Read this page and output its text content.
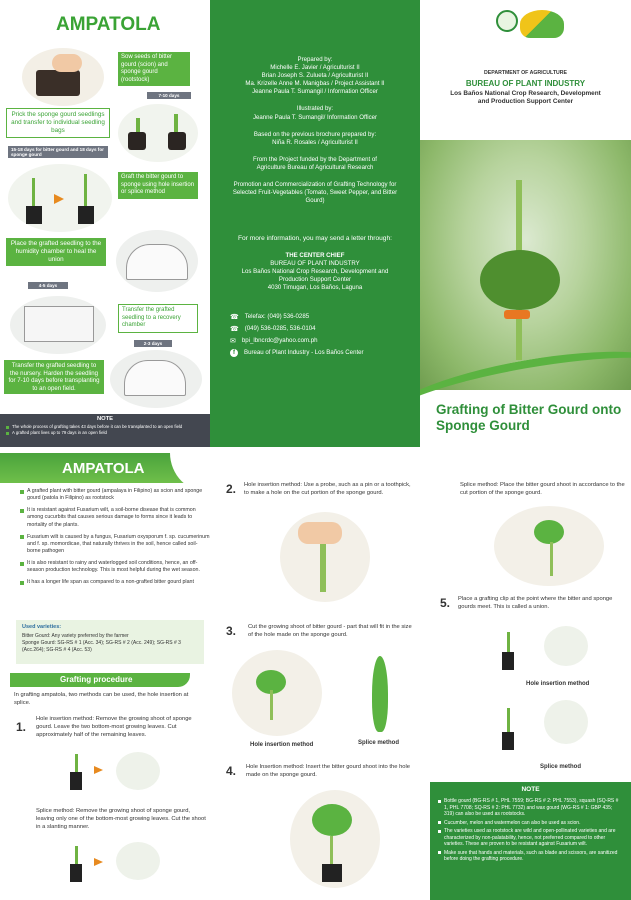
AMPATOLA
Sow seeds of bitter gourd (scion) and sponge gourd (rootstock)
7-10 days
Prick the sponge gourd seedlings and transfer to individual seedling bags
15-18 days for bitter gourd and 18 days for sponge gourd
Graft the bitter gourd to sponge using hole insertion or splice method
Place the grafted seedling to the humidity chamber to heal the union
4-5 days
Transfer the grafted seedling to a recovery chamber
2-3 days
Transfer the grafted seedling to the nursery. Harden the seedling for 7-10 days before transplanting to an open field.
NOTE
The whole process of grafting takes 43 days before it can be transplanted to an open field
A grafted plant lives up to 79 days in an open field
Prepared by:
Michelle E. Javier / Agriculturist II
Brian Joseph S. Zulueta / Agriculturist II
Ma. Krizelle Anne M. Manigbas / Project Assistant II
Jeanne Paula T. Sumangil / Information Officer
Illustrated by:
Jeanne Paula T. Sumangil/ Information Officer
Based on the previous brochure prepared by:
Niña R. Rosales / Agriculturist II
From the Project funded by the Department of Agriculture Bureau of Agricultural Research
Promotion and Commercialization of Grafting Technology for Selected Fruit-Vegetables (Tomato, Sweet Pepper, and Bitter Gourd)
For more information, you may send a letter through:
THE CENTER CHIEF
BUREAU OF PLANT INDUSTRY
Los Baños National Crop Research, Development and Production Support Center
4030 Timugan, Los Baños, Laguna
☎ Telefax: (049) 536-0285
☎ (049) 536-0285, 536-0104
✉ bpi_lbncrdc@yahoo.com.ph
f	Bureau of Plant Industry - Los Baños Center
DEPARTMENT OF AGRICULTURE
BUREAU OF PLANT INDUSTRY
Los Baños National Crop Research, Development and Production Support Center
Grafting of Bitter Gourd onto Sponge Gourd
AMPATOLA
A grafted plant with bitter gourd (ampalaya in Filipino) as scion and sponge gourd (patola in Filipino) as rootstock
It is resistant against Fusarium wilt, a soil-borne disease that is common among cucurbits that causes serious damage to forms since it leads to mortality of the plants.
Fusarium wilt is caused by a fungus, Fusarium oxysporum f. sp. cucumerinum and f. sp. momordicae, that naturally thrives in the soil, hence called soil-borne pathogen
It is also resistant to rainy and waterlogged soil conditions, hence, an off-season production technology. This is most helpful during the wet season.
It has a longer life span as compared to a non-grafted bitter gourd plant
Used varieties:
Bitter Gourd: Any variety preferred by the farmer
Sponge Gourd: SG-RS # 1 (Acc. 34); SG-RS # 2 (Acc. 249); SG-RS # 3 (Acc.264); SG-RS # 4 (Acc. 53)
Grafting procedure
In grafting ampatola, two methods can be used, the hole insertion at splice.
1.
Hole insertion method: Remove the growing shoot of sponge gourd. Leave the two bottom-most growing leaves. Cut approximately half of the remaining leaves.
Splice method: Remove the growing shoot of sponge gourd, leaving only one of the bottom-most growing leaves. Cut the shoot in a slanting manner.
2. Hole insertion method: Use a probe, such as a pin or a toothpick, to make a hole on the cut portion of the sponge gourd.
3. Cut the growing shoot of bitter gourd - part that will fit in the size of the hole made on the sponge gourd.
Hole insertion method	Splice method
4. Hole Insertion method: Insert the bitter gourd shoot into the hole made on the sponge gourd.
Splice method: Place the bitter gourd shoot in accordance to the cut portion of the sponge gourd.
5. Place a grafting clip at the point where the bitter and sponge gourds meet. This is called a union.
Hole insertion method
Splice method
NOTE
Bottle gourd (BG-RS # 1, PHL 7559; BG-RS # 2: PHL 7553), squash (SQ-RS # 1, PHL 7708; SQ-RS # 2: PHL 7732) and wax gourd (WG-RS # 1: GBP 435; 319) can also be used as rootstocks.
Cucumber, melon and watermelon can also be used as scion.
The varieties used as rootstock are wild and open-pollinated varieties and are characterized by non-palatability, hence, not preferred compared to other varieties. These are proven to be resistant against Fusarium wilt.
Make sure that hands and materials, such as blade and scissors, are sanitized before doing the grafting procedure.
